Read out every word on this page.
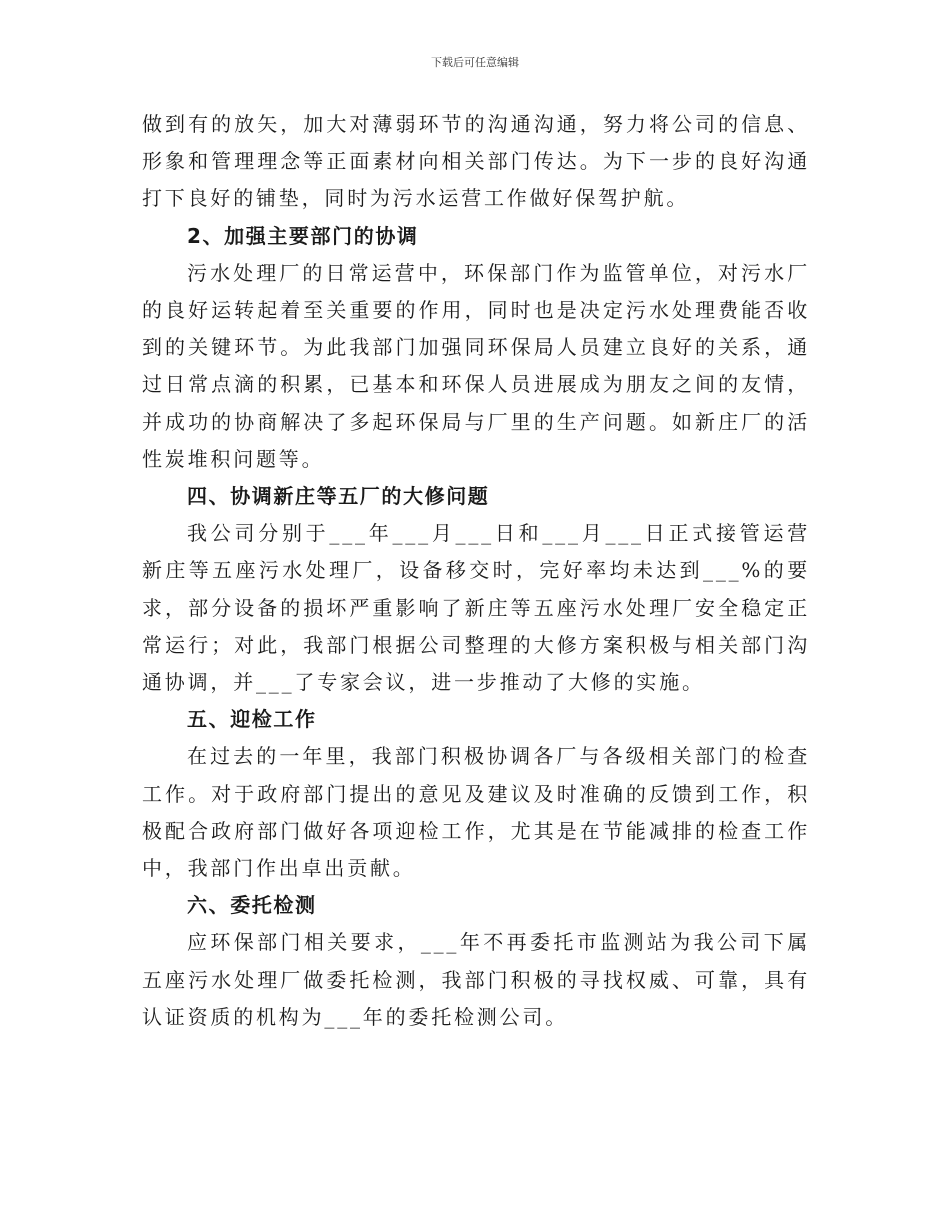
下载后可任意编辑

做到有的放矢，加大对薄弱环节的沟通沟通，努力将公司的信息、形象和管理理念等正面素材向相关部门传达。为下一步的良好沟通打下良好的铺垫，同时为污水运营工作做好保驾护航。

2、加强主要部门的协调

污水处理厂的日常运营中，环保部门作为监管单位，对污水厂的良好运转起着至关重要的作用，同时也是决定污水处理费能否收到的关键环节。为此我部门加强同环保局人员建立良好的关系，通过日常点滴的积累，已基本和环保人员进展成为朋友之间的友情，并成功的协商解决了多起环保局与厂里的生产问题。如新庄厂的活性炭堆积问题等。

四、协调新庄等五厂的大修问题

我公司分别于___年___月___日和___月___日正式接管运营新庄等五座污水处理厂，设备移交时，完好率均未达到___%的要求，部分设备的损坏严重影响了新庄等五座污水处理厂安全稳定正常运行；对此，我部门根据公司整理的大修方案积极与相关部门沟通协调，并___了专家会议，进一步推动了大修的实施。

五、迎检工作

在过去的一年里，我部门积极协调各厂与各级相关部门的检查工作。对于政府部门提出的意见及建议及时准确的反馈到工作，积极配合政府部门做好各项迎检工作，尤其是在节能减排的检查工作中，我部门作出卓出贡献。

六、委托检测

应环保部门相关要求，___年不再委托市监测站为我公司下属五座污水处理厂做委托检测，我部门积极的寻找权威、可靠，具有认证资质的机构为___年的委托检测公司。
